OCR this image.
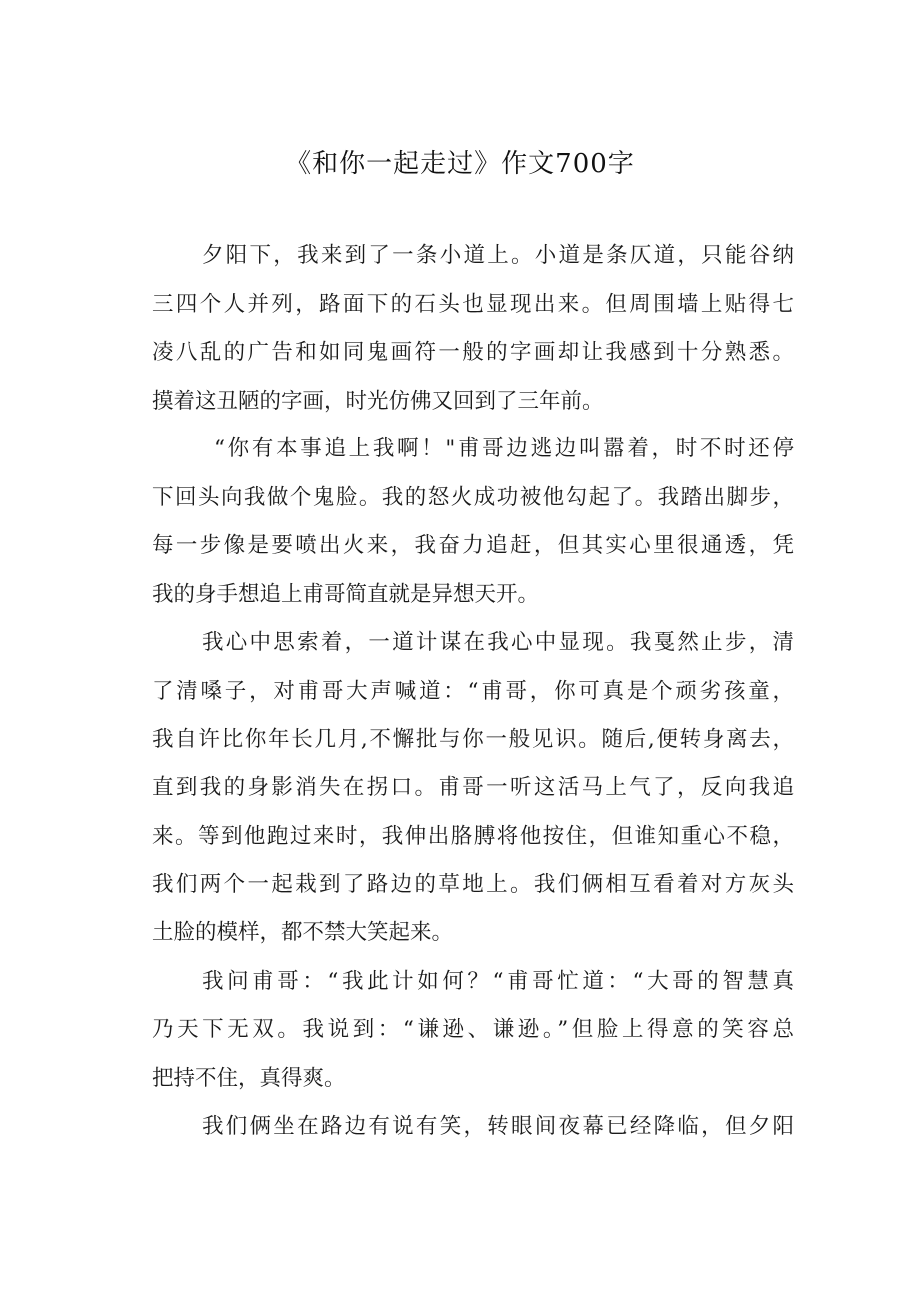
《和你一起走过》作文700字
夕阳下，我来到了一条小道上。小道是条仄道，只能谷纳
三四个人并列，路面下的石头也显现出来。但周围墙上贴得七
凌八乱的广告和如同鬼画符一般的字画却让我感到十分熟悉。
摸着这丑陋的字画，时光仿佛又回到了三年前。
“你有本事追上我啊！"甫哥边逃边叫嚣着，时不时还停
下回头向我做个鬼脸。我的怒火成功被他勾起了。我踏出脚步，
每一步像是要喷出火来，我奋力追赶，但其实心里很通透，凭
我的身手想追上甫哥简直就是异想天开。
我心中思索着，一道计谋在我心中显现。我戛然止步，清
了清嗓子，对甫哥大声喊道：“甫哥，你可真是个顽劣孩童，
我自许比你年长几月,不懈批与你一般见识。随后,便转身离去，
直到我的身影消失在拐口。甫哥一听这活马上气了，反向我追
来。等到他跑过来时，我伸出胳膊将他按住，但谁知重心不稳，
我们两个一起栽到了路边的草地上。我们俩相互看着对方灰头
土脸的模样，都不禁大笑起来。
我问甫哥：“我此计如何？“甫哥忙道：“大哥的智慧真
乃天下无双。我说到：“谦逊、谦逊。”但脸上得意的笑容总
把持不住，真得爽。
我们俩坐在路边有说有笑，转眼间夜幕已经降临，但夕阳
